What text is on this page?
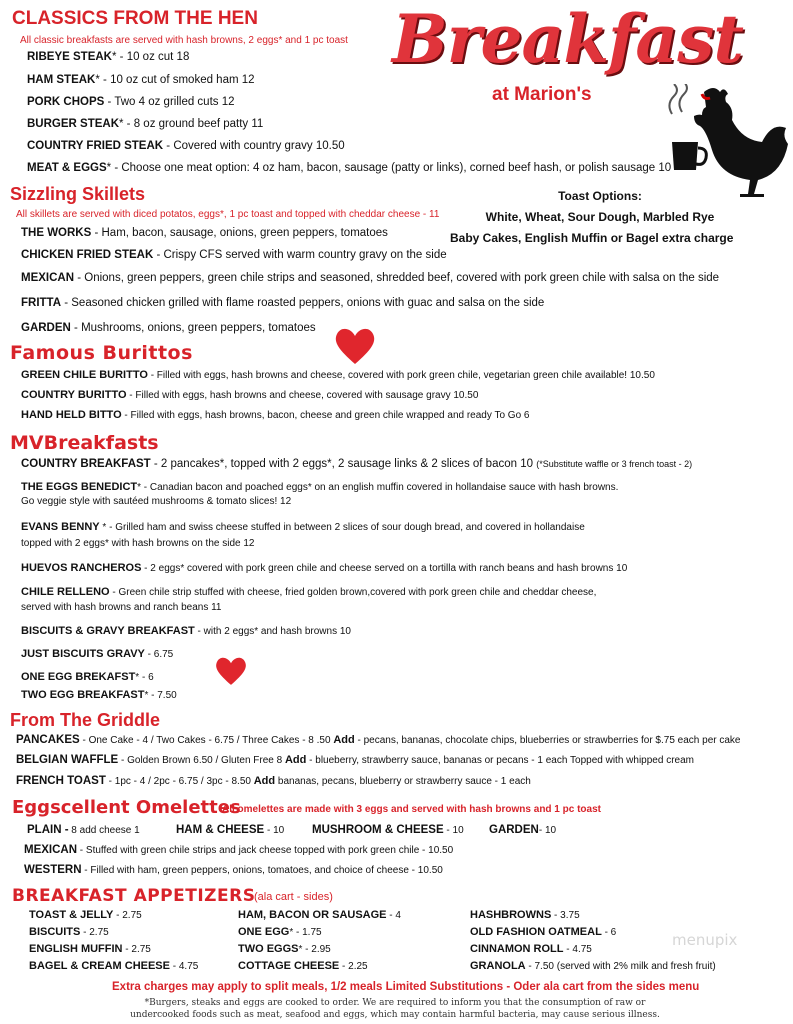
Breakfast
at Marion's
Toast Options:
White, Wheat, Sour Dough, Marbled Rye
Baby Cakes, English Muffin or Bagel extra charge
CLASSICS FROM THE HEN
All classic breakfasts are served with hash browns, 2 eggs* and 1 pc toast
RIBEYE STEAK* - 10 oz cut 18
HAM STEAK* - 10 oz cut of smoked ham 12
PORK CHOPS - Two 4 oz grilled cuts 12
BURGER STEAK* - 8 oz ground beef patty 11
COUNTRY FRIED STEAK - Covered with country gravy 10.50
MEAT & EGGS* - Choose one meat option: 4 oz ham, bacon, sausage (patty or links), corned beef hash, or polish sausage 10
Sizzling Skillets
All skillets are served with diced potatos, eggs*, 1 pc toast and topped with cheddar cheese - 11
THE WORKS - Ham, bacon, sausage, onions, green peppers, tomatoes
CHICKEN FRIED STEAK - Crispy CFS served with warm country gravy on the side
MEXICAN - Onions, green peppers, green chile strips and seasoned, shredded beef, covered with pork green chile with salsa on the side
FRITTA - Seasoned chicken grilled with flame roasted peppers, onions with guac and salsa on the side
GARDEN - Mushrooms, onions, green peppers, tomatoes
Famous Burittos
GREEN CHILE BURITTO - Filled with eggs, hash browns and cheese, covered with pork green chile, vegetarian green chile available! 10.50
COUNTRY BURITTO - Filled with eggs, hash browns and cheese, covered with sausage gravy 10.50
HAND HELD BITTO - Filled with eggs, hash browns, bacon, cheese and green chile wrapped and ready To Go 6
MVBreakfasts
COUNTRY BREAKFAST - 2 pancakes*, topped with 2 eggs*, 2 sausage links & 2 slices of bacon 10 (*Substitute waffle or 3 french toast - 2)
THE EGGS BENEDICT* - Canadian bacon and poached eggs* on an english muffin covered in hollandaise sauce with hash browns.
Go veggie style with sautéed mushrooms & tomato slices! 12
EVANS BENNY * - Grilled ham and swiss cheese stuffed in between 2 slices of sour dough bread, and covered in hollandaise
topped with 2 eggs* with hash browns on the side 12
HUEVOS RANCHEROS - 2 eggs* covered with pork green chile and cheese served on a tortilla with ranch beans and hash browns 10
CHILE RELLENO - Green chile strip stuffed with cheese, fried golden brown,covered with pork green chile and cheddar cheese,
served with hash browns and ranch beans 11
BISCUITS & GRAVY BREAKFAST - with 2 eggs* and hash browns 10
JUST BISCUITS GRAVY - 6.75
ONE EGG BREKAFST* - 6
TWO EGG BREAKFAST* - 7.50
From The Griddle
PANCAKES - One Cake - 4 / Two Cakes - 6.75 / Three Cakes - 8 .50 Add - pecans, bananas, chocolate chips, blueberries or strawberries for $.75 each per cake
BELGIAN WAFFLE - Golden Brown 6.50 / Gluten Free 8 Add - blueberry, strawberry sauce, bananas or pecans - 1 each Topped with whipped cream
FRENCH TOAST - 1pc - 4 / 2pc - 6.75 / 3pc - 8.50 Add bananas, pecans, blueberry or strawberry sauce - 1 each
Eggscellent Omelettes
All omelettes are made with 3 eggs and served with hash browns and 1 pc toast
PLAIN - 8 add cheese 1	HAM & CHEESE - 10 MUSHROOM & CHEESE - 10 GARDEN- 10
MEXICAN - Stuffed with green chile strips and jack cheese topped with pork green chile - 10.50
WESTERN - Filled with ham, green peppers, onions, tomatoes, and choice of cheese - 10.50
BREAKFAST APPETIZERS
(ala cart - sides)
TOAST & JELLY - 2.75
BISCUITS - 2.75
ENGLISH MUFFIN - 2.75
BAGEL & CREAM CHEESE - 4.75
HAM, BACON OR SAUSAGE - 4
ONE EGG* - 1.75
TWO EGGS* - 2.95
COTTAGE CHEESE - 2.25
HASHBROWNS - 3.75
OLD FASHION OATMEAL - 6
CINNAMON ROLL - 4.75
GRANOLA - 7.50 (served with 2% milk and fresh fruit)
menupix
Extra charges may apply to split meals, 1/2 meals Limited Substitutions - Oder ala cart from the sides menu
*Burgers, steaks and eggs are cooked to order. We are required to inform you that the consumption of raw or
undercooked foods such as meat, seafood and eggs, which may contain harmful bacteria, may cause serious illness.
